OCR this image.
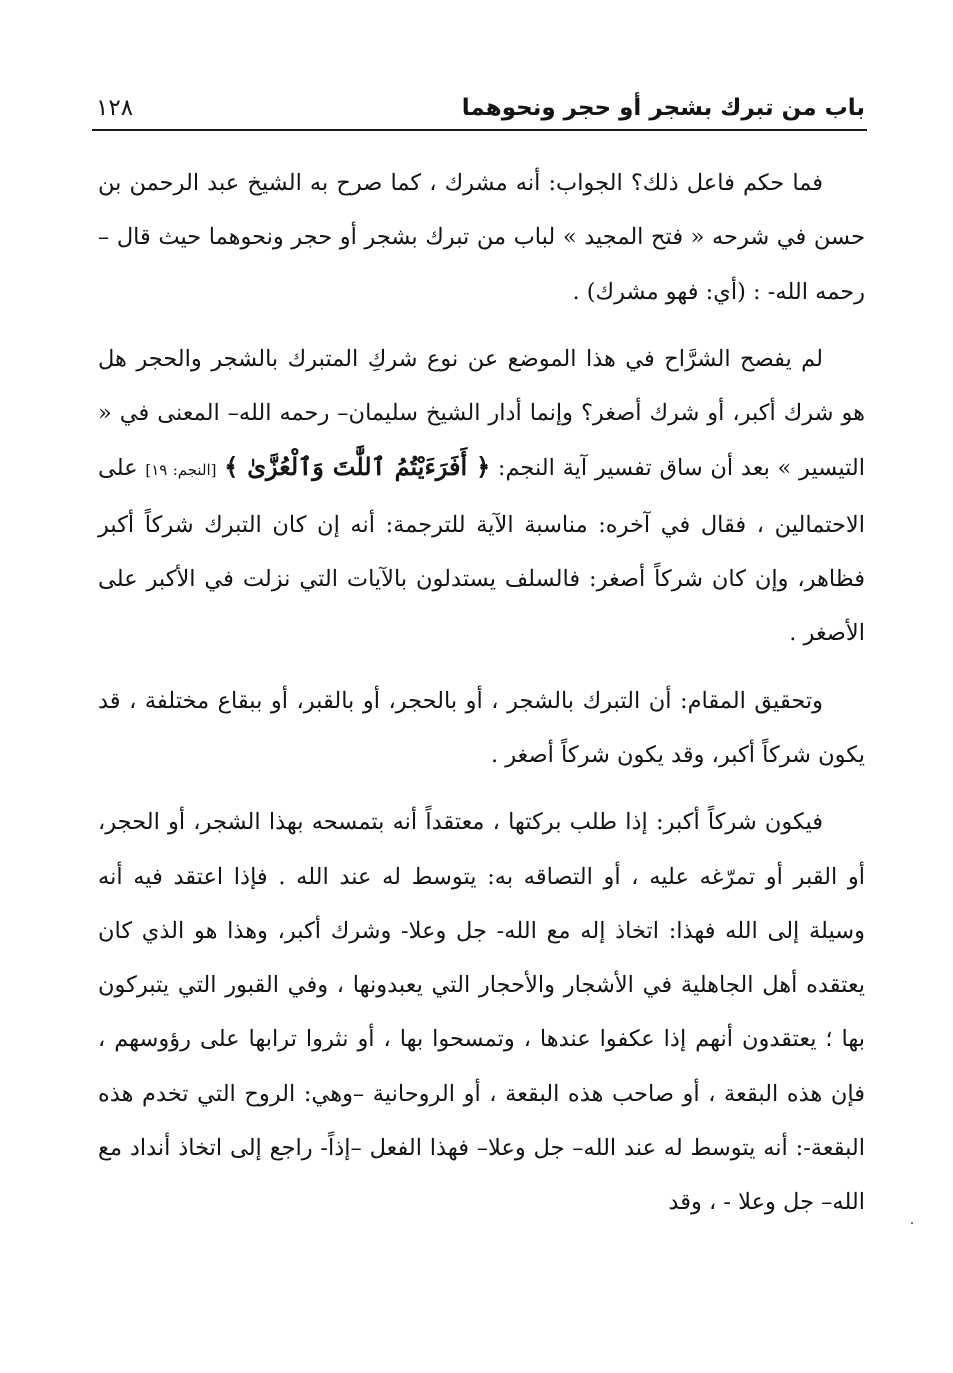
باب من تبرك بشجر أو حجر ونحوهما
١٢٨

فما حكم فاعل ذلك؟ الجواب: أنه مشرك ، كما صرح به الشيخ عبد الرحمن بن حسن في شرحه « فتح المجيد » لباب من تبرك بشجر أو حجر ونحوهما حيث قال –رحمه الله- : (أي: فهو مشرك) .

لم يفصح الشرَّاح في هذا الموضع عن نوع شركِ المتبرك بالشجر والحجر هل هو شرك أكبر، أو شرك أصغر؟ وإنما أدار الشيخ سليمان– رحمه الله– المعنى في « التيسير » بعد أن ساق تفسير آية النجم: ﴿ أَفَرَءَيْتُمُ ٱللَّٰتَ وَٱلْعُزَّىٰ ﴾ [النجم: ١٩] على الاحتمالين ، فقال في آخره: مناسبة الآية للترجمة: أنه إن كان التبرك شركاً أكبر فظاهر، وإن كان شركاً أصغر: فالسلف يستدلون بالآيات التي نزلت في الأكبر على الأصغر .

وتحقيق المقام: أن التبرك بالشجر ، أو بالحجر، أو بالقبر، أو ببقاع مختلفة ، قد يكون شركاً أكبر، وقد يكون شركاً أصغر .

فيكون شركاً أكبر: إذا طلب بركتها ، معتقداً أنه بتمسحه بهذا الشجر، أو الحجر، أو القبر أو تمرّغه عليه ، أو التصاقه به: يتوسط له عند الله . فإذا اعتقد فيه أنه وسيلة إلى الله فهذا: اتخاذ إله مع الله- جل وعلا- وشرك أكبر، وهذا هو الذي كان يعتقده أهل الجاهلية في الأشجار والأحجار التي يعبدونها ، وفي القبور التي يتبركون بها ؛ يعتقدون أنهم إذا عكفوا عندها ، وتمسحوا بها ، أو نثروا ترابها على رؤوسهم ، فإن هذه البقعة ، أو صاحب هذه البقعة ، أو الروحانية –وهي: الروح التي تخدم هذه البقعة-: أنه يتوسط له عند الله– جل وعلا– فهذا الفعل –إذاً- راجع إلى اتخاذ أنداد مع الله– جل وعلا - ، وقد
